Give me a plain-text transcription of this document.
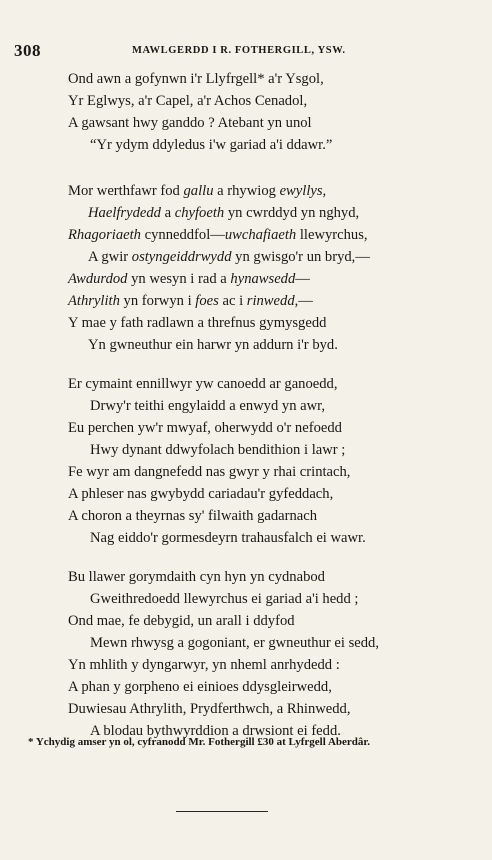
308	MAWLGERDD I R. FOTHERGILL, YSW.
Ond awn a gofynwn i'r Llyfrgell* a'r Ysgol,
Yr Eglwys, a'r Capel, a'r Achos Cenadol,
A gawsant hwy ganddo ? Atebant yn unol
“Yr ydym ddyledus i'w gariad a'i ddawr.”
Mor werthfawr fod gallu a rhywiog ewyllys,
Haelfrydedd a chyfoeth yn cwrddyd yn nghyd,
Rhagoriaeth cynneddfol—uwchafiaeth llewyrchus,
A gwir ostyngeiddrwydd yn gwisgo'r un bryd,—
Awdurdod yn wesyn i rad a hynawsedd—
Athrylith yn forwyn i foes ac i rinwedd,—
Y mae y fath radlawn a threfnus gymysgedd
Yn gwneuthur ein harwr yn addurn i'r byd.
Er cymaint ennillwyr yw canoedd ar ganoedd,
Drwy'r teithi engylaidd a enwyd yn awr,
Eu perchen yw'r mwyaf, oherwydd o'r nefoedd
Hwy dynant ddwyfolach bendithion i lawr ;
Fe wyr am dangnefedd nas gwyr y rhai crintach,
A phleser nas gwybydd cariadau'r gyfeddach,
A choron a theyrnas sy' filwaith gadarnach
Nag eiddo'r gormesdeyrn trahausfalch ei wawr.
Bu llawer gorymdaith cyn hyn yn cydnabod
Gweithredoedd llewyrchus ei gariad a'i hedd ;
Ond mae, fe debygid, un arall i ddyfod
Mewn rhwysg a gogoniant, er gwneuthur ei sedd,
Yn mhlith y dyngarwyr, yn nheml anrhydedd :
A phan y gorpheno ei einioes ddysgleirwedd,
Duwiesau Athrylith, Prydferthwch, a Rhinwedd,
A blodau bythwyrddion a drwsiont ei fedd.
* Ychydig amser yn ol, cyfranodd Mr. Fothergill £30 at Lyfrgell Aberdâr.
